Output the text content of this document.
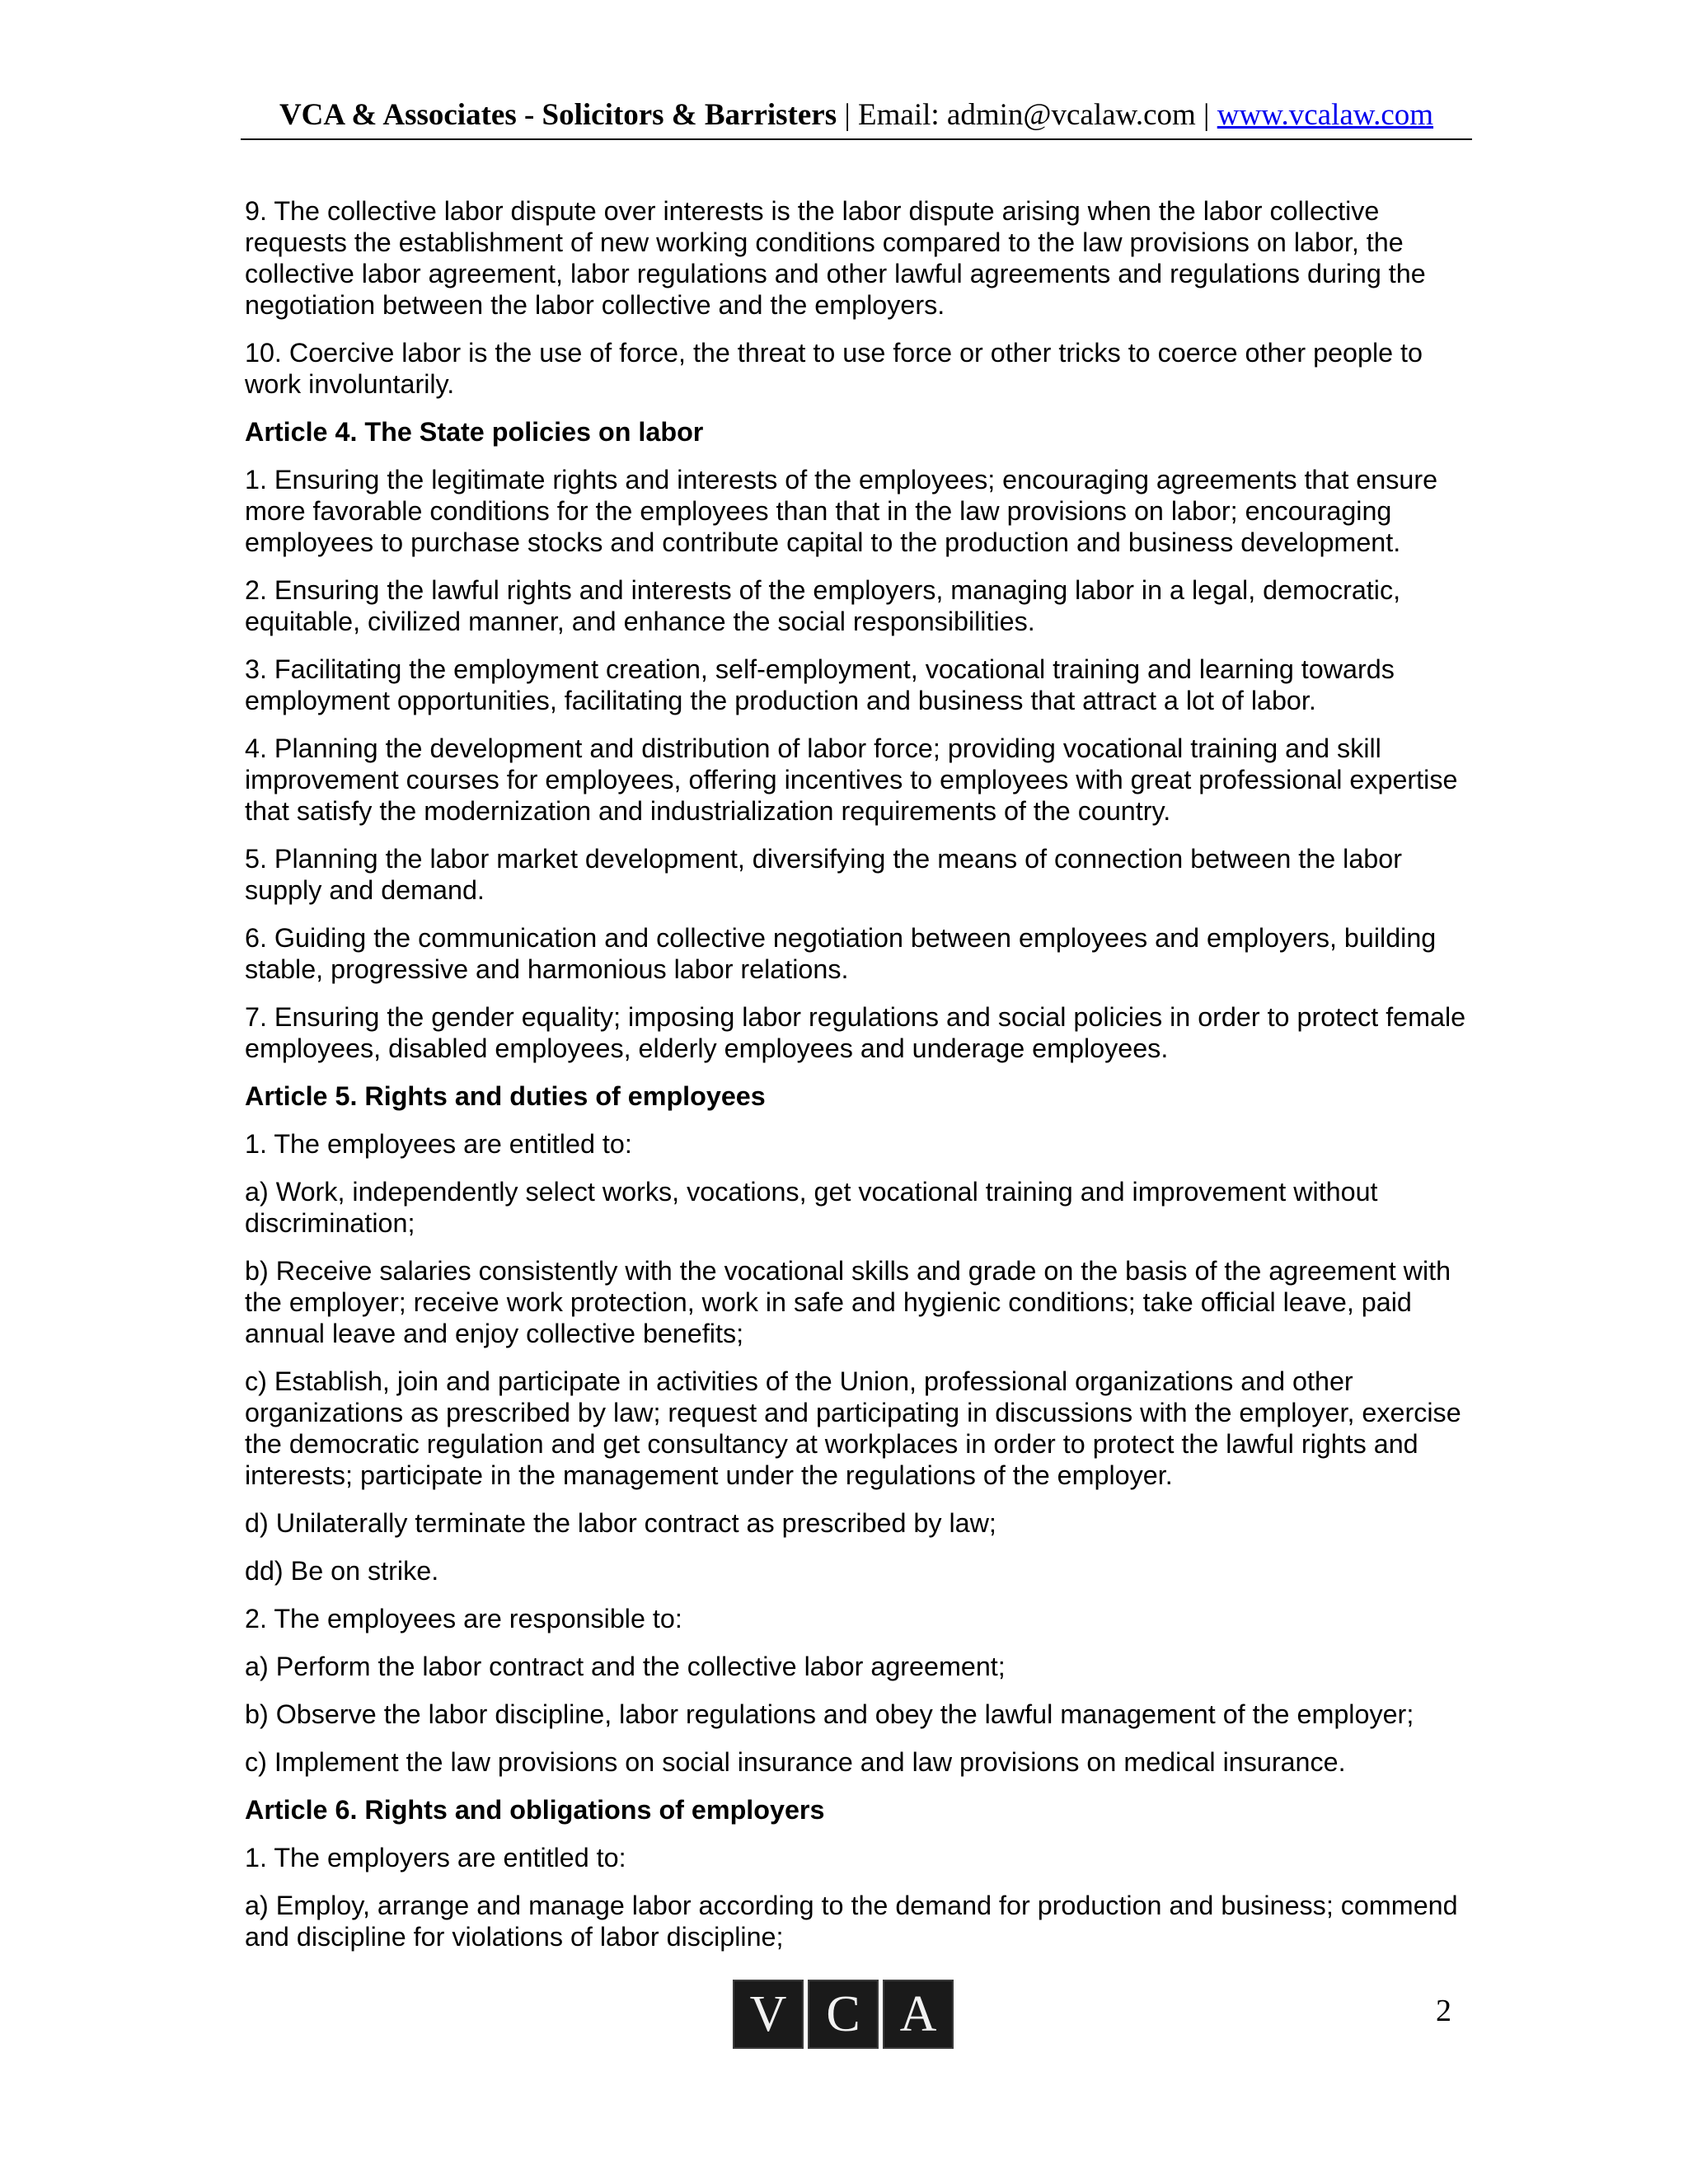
VCA & Associates - Solicitors & Barristers | Email: admin@vcalaw.com | www.vcalaw.com

9. The collective labor dispute over interests is the labor dispute arising when the labor collective requests the establishment of new working conditions compared to the law provisions on labor, the collective labor agreement, labor regulations and other lawful agreements and regulations during the negotiation between the labor collective and the employers.

10. Coercive labor is the use of force, the threat to use force or other tricks to coerce other people to work involuntarily.

Article 4. The State policies on labor

1. Ensuring the legitimate rights and interests of the employees; encouraging agreements that ensure more favorable conditions for the employees than that in the law provisions on labor; encouraging employees to purchase stocks and contribute capital to the production and business development.

2. Ensuring the lawful rights and interests of the employers, managing labor in a legal, democratic, equitable, civilized manner, and enhance the social responsibilities.

3. Facilitating the employment creation, self-employment, vocational training and learning towards employment opportunities, facilitating the production and business that attract a lot of labor.

4. Planning the development and distribution of labor force; providing vocational training and skill improvement courses for employees, offering incentives to employees with great professional expertise that satisfy the modernization and industrialization requirements of the country.

5. Planning the labor market development, diversifying the means of connection between the labor supply and demand.

6. Guiding the communication and collective negotiation between employees and employers, building stable, progressive and harmonious labor relations.

7. Ensuring the gender equality; imposing labor regulations and social policies in order to protect female employees, disabled employees, elderly employees and underage employees.

Article 5. Rights and duties of employees

1. The employees are entitled to:

a) Work, independently select works, vocations, get vocational training and improvement without discrimination;

b) Receive salaries consistently with the vocational skills and grade on the basis of the agreement with the employer; receive work protection, work in safe and hygienic conditions; take official leave, paid annual leave and enjoy collective benefits;

c) Establish, join and participate in activities of the Union, professional organizations and other organizations as prescribed by law; request and participating in discussions with the employer, exercise the democratic regulation and get consultancy at workplaces in order to protect the lawful rights and interests; participate in the management under the regulations of the employer.

d) Unilaterally terminate the labor contract as prescribed by law;

dd) Be on strike.

2. The employees are responsible to:

a) Perform the labor contract and the collective labor agreement;

b) Observe the labor discipline, labor regulations and obey the lawful management of the employer;

c) Implement the law provisions on social insurance and law provisions on medical insurance.

Article 6. Rights and obligations of employers

1. The employers are entitled to:

a) Employ, arrange and manage labor according to the demand for production and business; commend and discipline for violations of labor discipline;

V C A	2
